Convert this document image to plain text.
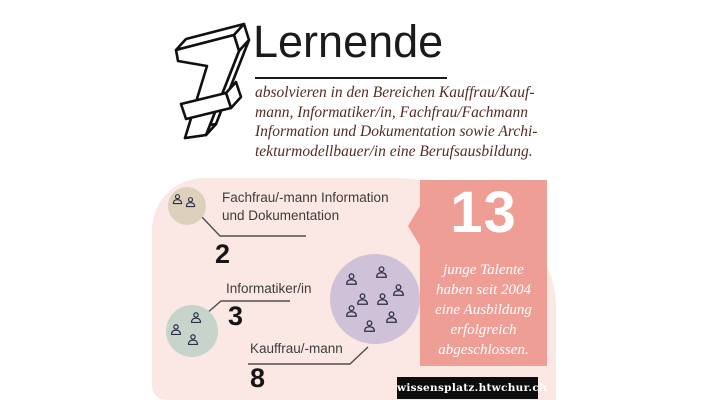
Lernende
absolvieren in den Bereichen Kauffrau/Kauf-
mann, Informatiker/in, Fachfrau/Fachmann
Information und Dokumentation sowie Archi-
tekturmodellbauer/in eine Berufsausbildung.
Fachfrau/-mann Information
und Dokumentation
2
Informatiker/in
3
Kauffrau/-mann
8
13
junge Talente
haben seit 2004
eine Ausbildung
erfolgreich
abgeschlossen.
wissensplatz.htwchur.ch
